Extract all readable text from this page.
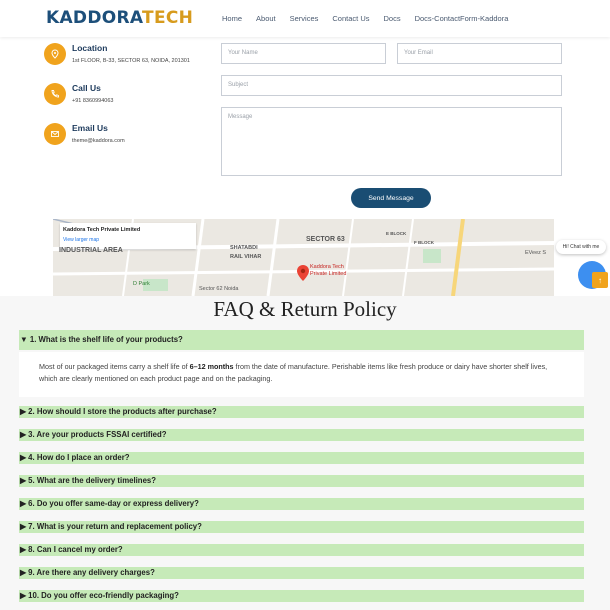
KADDORATECH	Home About Services Contact Us Docs Docs-ContactForm-Kaddora
Location
1st FLOOR, B-33, SECTOR 63, NOIDA, 201301
Call Us
+91 8360994063
Email Us
theme@kaddora.com
Your Name	Your Email
Subject
Message
Send Message
Kaddora Tech Private Limited
View larger map	SECTOR 63
SHATABDI
RAIL VIHAR
INDUSTRIAL AREA
E BLOCK
F BLOCK
D Park
Sector 62 Noida
EVeez S
Kaddora Tech
Private Limited
Hi! Chat with me
↑
FAQ & Return Policy
▼ 1. What is the shelf life of your products?
Most of our packaged items carry a shelf life of 6–12 months from the date of manufacture. Perishable items like fresh produce or dairy have shorter shelf lives, which are clearly mentioned on each product page and on the packaging.
▶ 2. How should I store the products after purchase?
▶ 3. Are your products FSSAI certified?
▶ 4. How do I place an order?
▶ 5. What are the delivery timelines?
▶ 6. Do you offer same-day or express delivery?
▶ 7. What is your return and replacement policy?
▶ 8. Can I cancel my order?
▶ 9. Are there any delivery charges?
▶ 10. Do you offer eco-friendly packaging?
